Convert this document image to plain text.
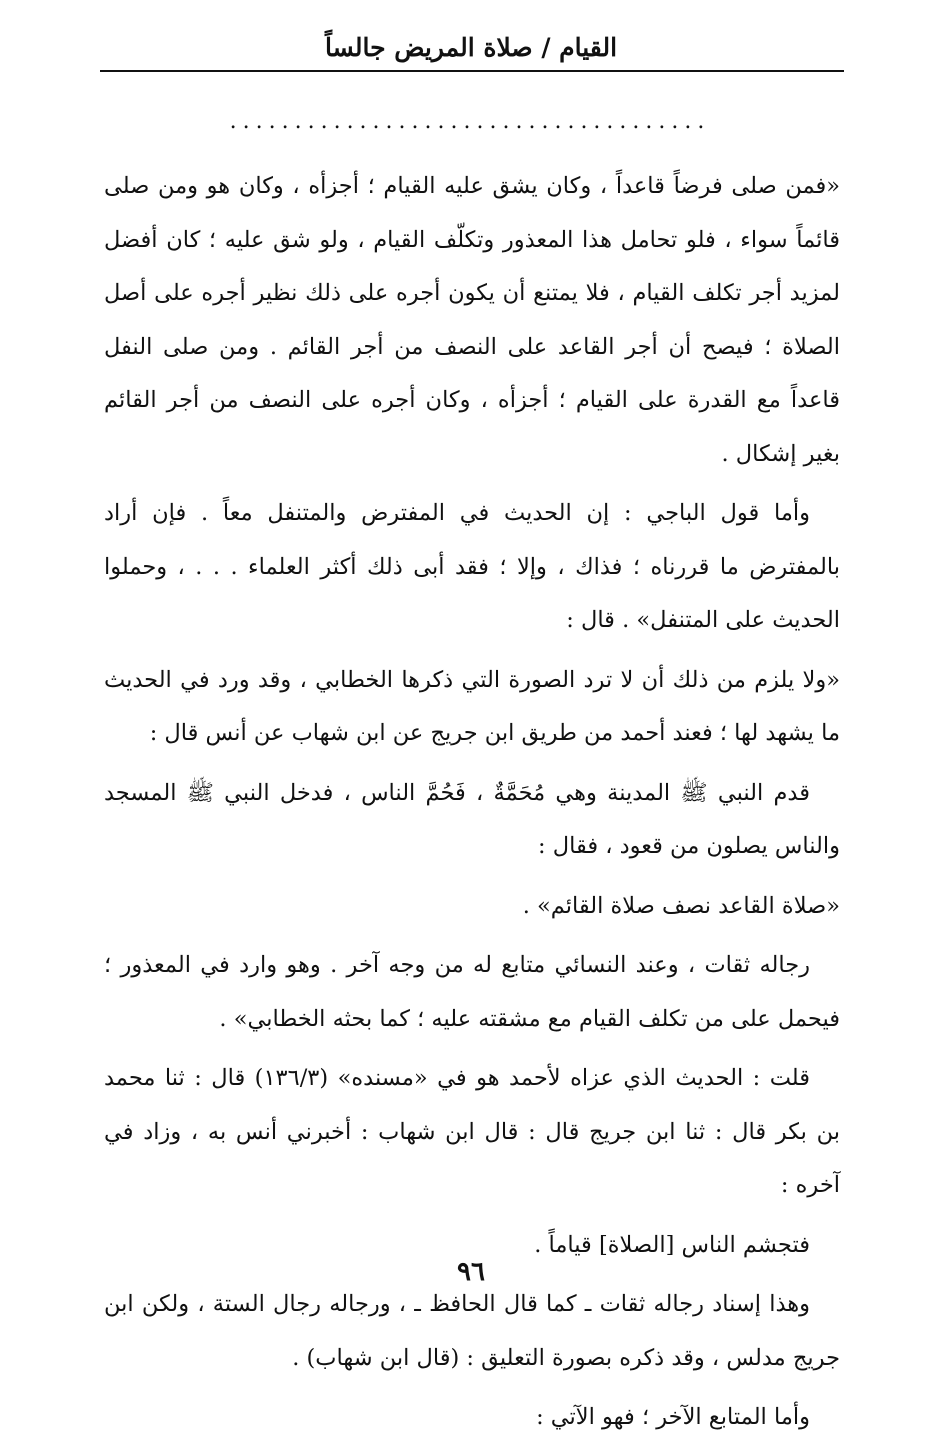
القيام / صلاة المريض جالساً
.....................................

«فمن صلى فرضاً قاعداً ، وكان يشق عليه القيام ؛ أجزأه ، وكان هو ومن صلى قائماً سواء ، فلو تحامل هذا المعذور وتكلّف القيام ، ولو شق عليه ؛ كان أفضل لمزيد أجر تكلف القيام ، فلا يمتنع أن يكون أجره على ذلك نظير أجره على أصل الصلاة ؛ فيصح أن أجر القاعد على النصف من أجر القائم . ومن صلى النفل قاعداً مع القدرة على القيام ؛ أجزأه ، وكان أجره على النصف من أجر القائم بغير إشكال .

وأما قول الباجي : إن الحديث في المفترض والمتنفل معاً . فإن أراد بالمفترض ما قررناه ؛ فذاك ، وإلا ؛ فقد أبى ذلك أكثر العلماء . . . ، وحملوا الحديث على المتنفل» . قال :

«ولا يلزم من ذلك أن لا ترد الصورة التي ذكرها الخطابي ، وقد ورد في الحديث ما يشهد لها ؛ فعند أحمد من طريق ابن جريج عن ابن شهاب عن أنس قال :

قدم النبي ﷺ المدينة وهي مُحَمَّةٌ ، فَحُمَّ الناس ، فدخل النبي ﷺ المسجد والناس يصلون من قعود ، فقال :

«صلاة القاعد نصف صلاة القائم» .

رجاله ثقات ، وعند النسائي متابع له من وجه آخر . وهو وارد في المعذور ؛ فيحمل على من تكلف القيام مع مشقته عليه ؛ كما بحثه الخطابي» .

قلت : الحديث الذي عزاه لأحمد هو في «مسنده» (١٣٦/٣) قال : ثنا محمد بن بكر قال : ثنا ابن جريج قال : قال ابن شهاب : أخبرني أنس به ، وزاد في آخره :

فتجشم الناس [الصلاة] قياماً .

وهذا إسناد رجاله ثقات ـ كما قال الحافظ ـ ، ورجاله رجال الستة ، ولكن ابن جريج مدلس ، وقد ذكره بصورة التعليق : (قال ابن شهاب) .

وأما المتابع الآخر ؛ فهو الآتي :

٩٦
